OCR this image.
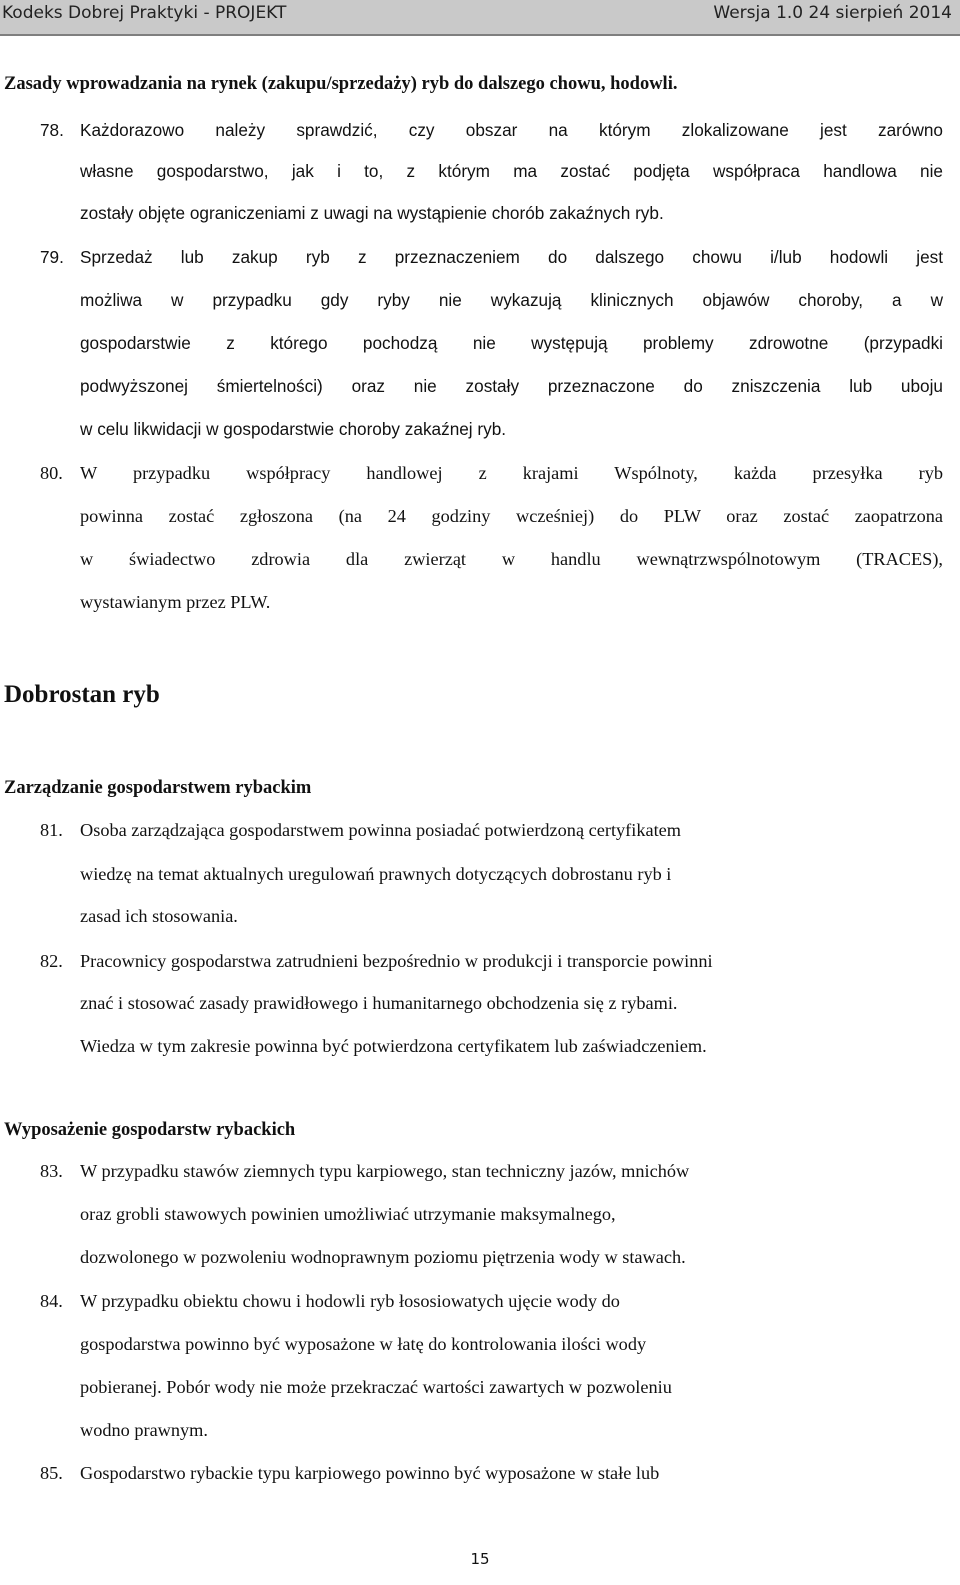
Kodeks Dobrej Praktyki - PROJEKT	Wersja 1.0 24 sierpień 2014
Zasady wprowadzania na rynek (zakupu/sprzedaży) ryb do dalszego chowu, hodowli.
78. Każdorazowo należy sprawdzić, czy obszar na którym zlokalizowane jest zarówno
własne gospodarstwo, jak i to, z którym ma zostać podjęta współpraca handlowa nie
zostały objęte ograniczeniami z uwagi na wystąpienie chorób zakaźnych ryb.
79. Sprzedaż lub zakup ryb z przeznaczeniem do dalszego chowu i/lub hodowli jest
możliwa w przypadku gdy ryby nie wykazują klinicznych objawów choroby, a w
gospodarstwie z którego pochodzą nie występują problemy zdrowotne (przypadki
podwyższonej śmiertelności) oraz nie zostały przeznaczone do zniszczenia lub uboju
w celu likwidacji w gospodarstwie choroby zakaźnej ryb.
80. W przypadku współpracy handlowej z krajami Wspólnoty, każda przesyłka ryb
powinna zostać zgłoszona (na 24 godziny wcześniej) do PLW oraz zostać zaopatrzona
w świadectwo zdrowia dla zwierząt w handlu wewnątrzwspólnotowym (TRACES),
wystawianym przez PLW.
Dobrostan ryb
Zarządzanie gospodarstwem rybackim
81. Osoba zarządzająca gospodarstwem powinna posiadać potwierdzoną certyfikatem
wiedzę na temat aktualnych uregulowań prawnych dotyczących dobrostanu ryb i
zasad ich stosowania.
82. Pracownicy gospodarstwa zatrudnieni bezpośrednio w produkcji i transporcie powinni
znać i stosować zasady prawidłowego i humanitarnego obchodzenia się z rybami.
Wiedza w tym zakresie powinna być potwierdzona certyfikatem lub zaświadczeniem.
Wyposażenie gospodarstw rybackich
83. W przypadku stawów ziemnych typu karpiowego, stan techniczny jazów, mnichów
oraz grobli stawowych powinien umożliwiać utrzymanie maksymalnego,
dozwolonego w pozwoleniu wodnoprawnym poziomu piętrzenia wody w stawach.
84. W przypadku obiektu chowu i hodowli ryb łososiowatych ujęcie wody do
gospodarstwa powinno być wyposażone w łatę do kontrolowania ilości wody
pobieranej. Pobór wody nie może przekraczać wartości zawartych w pozwoleniu
wodno prawnym.
85. Gospodarstwo rybackie typu karpiowego powinno być wyposażone w stałe lub
15
